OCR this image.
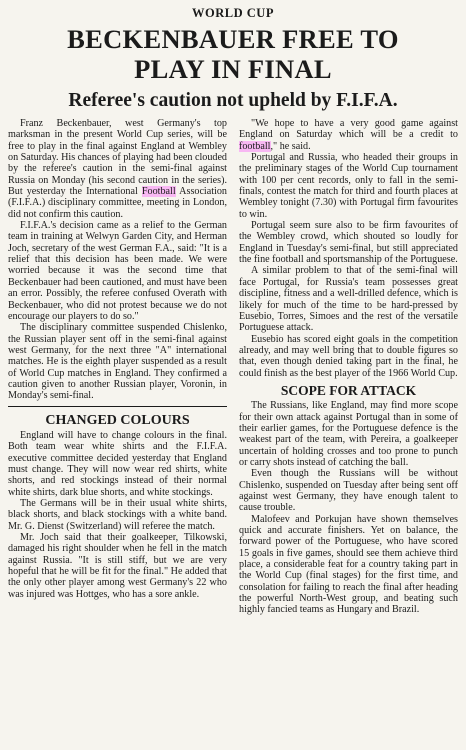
WORLD CUP
BECKENBAUER FREE TO
PLAY IN FINAL
Referee's caution not upheld by F.I.F.A.

Franz Beckenbauer, west Germany's top marksman in the present World Cup series, will be free to play in the final against England at Wembley on Saturday. His chances of playing had been clouded by the referee's caution in the semi-final against Russia on Monday (his second caution in the series). But yesterday the International Football Association (F.I.F.A.) disciplinary committee, meeting in London, did not confirm this caution.

F.I.F.A.'s decision came as a relief to the German team in training at Welwyn Garden City, and Herman Joch, secretary of the west German F.A., said: "It is a relief that this decision has been made. We were worried because it was the second time that Beckenbauer had been cautioned, and must have been an error. Possibly, the referee confused Overath with Beckenbauer, who did not protest because we do not encourage our players to do so."

The disciplinary committee suspended Chislenko, the Russian player sent off in the semi-final against west Germany, for the next three "A" international matches. He is the eighth player suspended as a result of World Cup matches in England. They confirmed a caution given to another Russian player, Voronin, in Monday's semi-final.

CHANGED COLOURS

England will have to change colours in the final. Both team wear white shirts and the F.I.F.A. executive committee decided yesterday that England must change. They will now wear red shirts, white shorts, and red stockings instead of their normal white shirts, dark blue shorts, and white stockings.

The Germans will be in their usual white shirts, black shorts, and black stockings with a white band. Mr. G. Dienst (Switzerland) will referee the match.

Mr. Joch said that their goalkeeper, Tilkowski, damaged his right shoulder when he fell in the match against Russia. "It is still stiff, but we are very hopeful that he will be fit for the final." He added that the only other player among west Germany's 22 who was injured was Hottges, who has a sore ankle.

"We hope to have a very good game against England on Saturday which will be a credit to football," he said.

Portugal and Russia, who headed their groups in the preliminary stages of the World Cup tournament with 100 per cent records, only to fall in the semi-finals, contest the match for third and fourth places at Wembley tonight (7.30) with Portugal firm favourites to win.

Portugal seem sure also to be firm favourites of the Wembley crowd, which shouted so loudly for England in Tuesday's semi-final, but still appreciated the fine football and sportsmanship of the Portuguese.

A similar problem to that of the semi-final will face Portugal, for Russia's team possesses great discipline, fitness and a well-drilled defence, which is likely for much of the time to be hard-pressed by Eusebio, Torres, Simoes and the rest of the versatile Portuguese attack.

Eusebio has scored eight goals in the competition already, and may well bring that to double figures so that, even though denied taking part in the final, he could finish as the best player of the 1966 World Cup.

SCOPE FOR ATTACK

The Russians, like England, may find more scope for their own attack against Portugal than in some of their earlier games, for the Portuguese defence is the weakest part of the team, with Pereira, a goalkeeper uncertain of holding crosses and too prone to punch or carry shots instead of catching the ball.

Even though the Russians will be without Chislenko, suspended on Tuesday after being sent off against west Germany, they have enough talent to cause trouble.

Malofeev and Porkujan have shown themselves quick and accurate finishers. Yet on balance, the forward power of the Portuguese, who have scored 15 goals in five games, should see them achieve third place, a considerable feat for a country taking part in the World Cup (final stages) for the first time, and consolation for failing to reach the final after heading the powerful North-West group, and beating such highly fancied teams as Hungary and Brazil.
